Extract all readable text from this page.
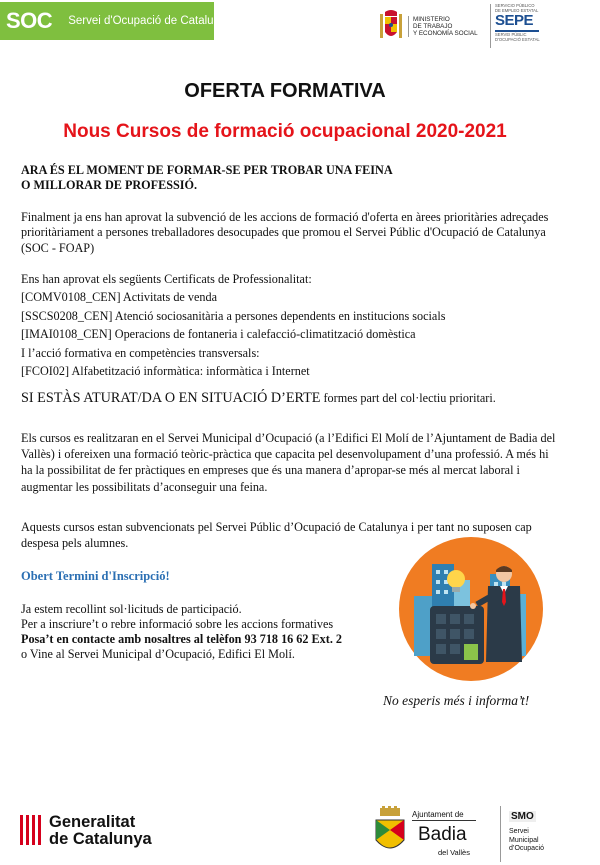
SOC	Servei d'Ocupació de Catalunya	MINISTERIO
DE TRABAJO
Y ECONOMÍA SOCIAL
SERVICIO PÚBLICO
DE EMPLEO ESTATAL
SEPE
SERVEI PÚBLIC
D'OCUPACIÓ ESTATAL
OFERTA FORMATIVA
Nous Cursos de formació ocupacional 2020-2021
ARA ÉS EL MOMENT DE FORMAR-SE PER TROBAR UNA FEINA
O MILLORAR DE PROFESSIÓ.
Finalment ja ens han aprovat la subvenció de les accions de formació d'oferta en àrees prioritàries adreçades prioritàriament a persones treballadores desocupades que promou el Servei Públic d'Ocupació de Catalunya (SOC - FOAP)
Ens han aprovat els següents Certificats de Professionalitat:
[COMV0108_CEN] Activitats de venda
[SSCS0208_CEN] Atenció sociosanitària a persones dependents en institucions socials
[IMAI0108_CEN] Operacions de fontaneria i calefacció-climatització domèstica
I l’acció formativa en competències transversals:
[FCOI02] Alfabetització informàtica: informàtica i Internet
SI ESTÀS ATURAT/DA O EN SITUACIÓ D’ERTE formes part del col·lectiu prioritari.
Els cursos es realitzaran en el Servei Municipal d’Ocupació (a l’Edifici El Molí de l’Ajuntament de Badia del Vallès) i ofereixen una formació teòric-pràctica que capacita pel desenvolupament d’una professió. A més hi ha la possibilitat de fer pràctiques en empreses que és una manera d’apropar-se més al mercat laboral i augmentar les possibilitats d’aconseguir una feina.
Aquests cursos estan subvencionats pel Servei Públic d’Ocupació de Catalunya i per tant no suposen cap despesa pels alumnes.
Obert Termini d'Inscripció!
Ja estem recollint sol·licituds de participació.
Per a inscriure’t o rebre informació sobre les accions formatives
Posa’t en contacte amb nosaltres al telèfon 93 718 16 62 Ext. 2
o Vine al Servei Municipal d’Ocupació, Edifici El Molí.
No esperis més i informa’t!
Generalitat
de Catalunya
Ajuntament de
Badia
del Vallès
SMO
Servei
Municipal
d’Ocupació
